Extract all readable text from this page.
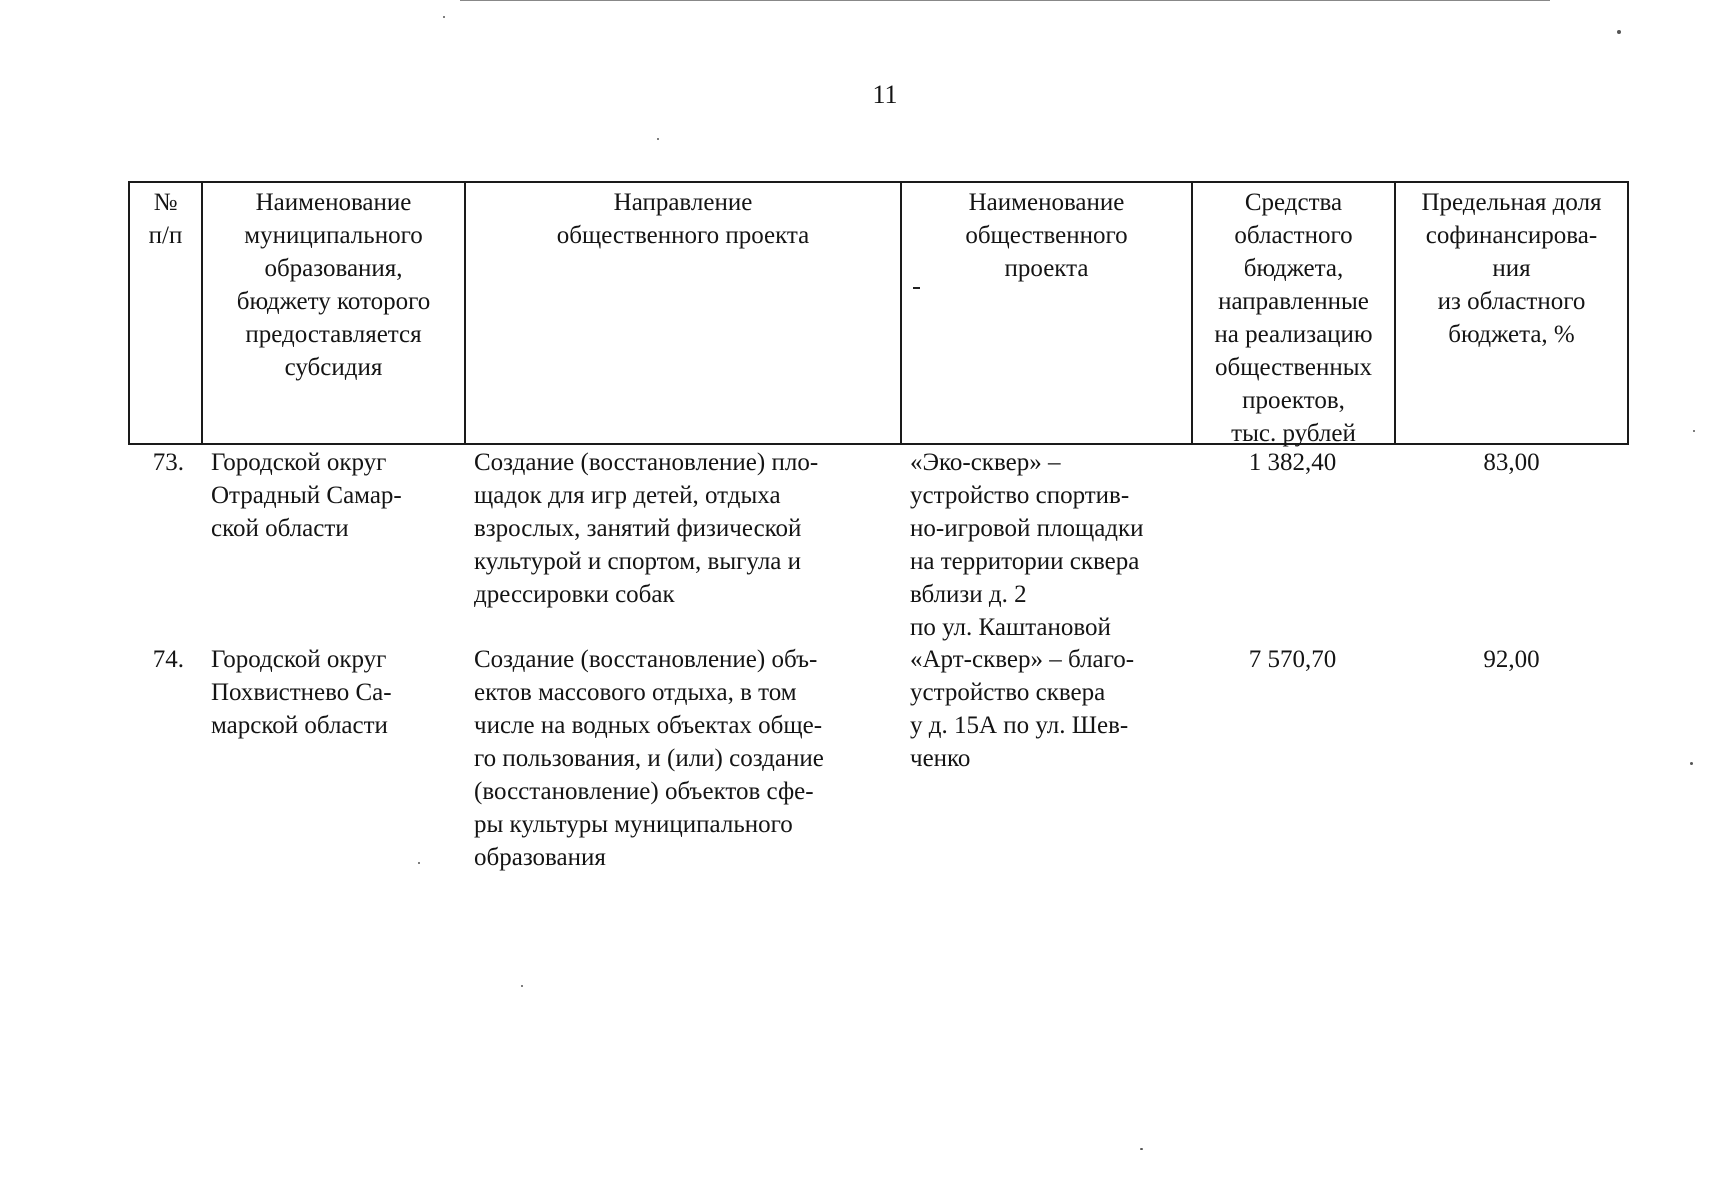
11
№
п/п
Наименование
муниципального
образования,
бюджету которого
предоставляется
субсидия
Направление
общественного проекта
Наименование
общественного
проекта
Средства
областного
бюджета,
направленные
на реализацию
общественных
проектов,
тыс. рублей
Предельная доля
софинансирова-
ния
из областного
бюджета, %
73. Городской округ
Отрадный Самар-
ской области
Создание (восстановление) пло-
щадок для игр детей, отдыха
взрослых, занятий физической
культурой и спортом, выгула и
дрессировки собак
«Эко-сквер» –
устройство спортив-
но-игровой площадки
на территории сквера
вблизи д. 2
по ул. Каштановой
1 382,40	83,00
74. Городской округ
Похвистнево Са-
марской области
Создание (восстановление) объ-
ектов массового отдыха, в том
числе на водных объектах обще-
го пользования, и (или) создание
(восстановление) объектов сфе-
ры культуры муниципального
образования
«Арт-сквер» – благо-
устройство сквера
у д. 15А по ул. Шев-
ченко
7 570,70	92,00
